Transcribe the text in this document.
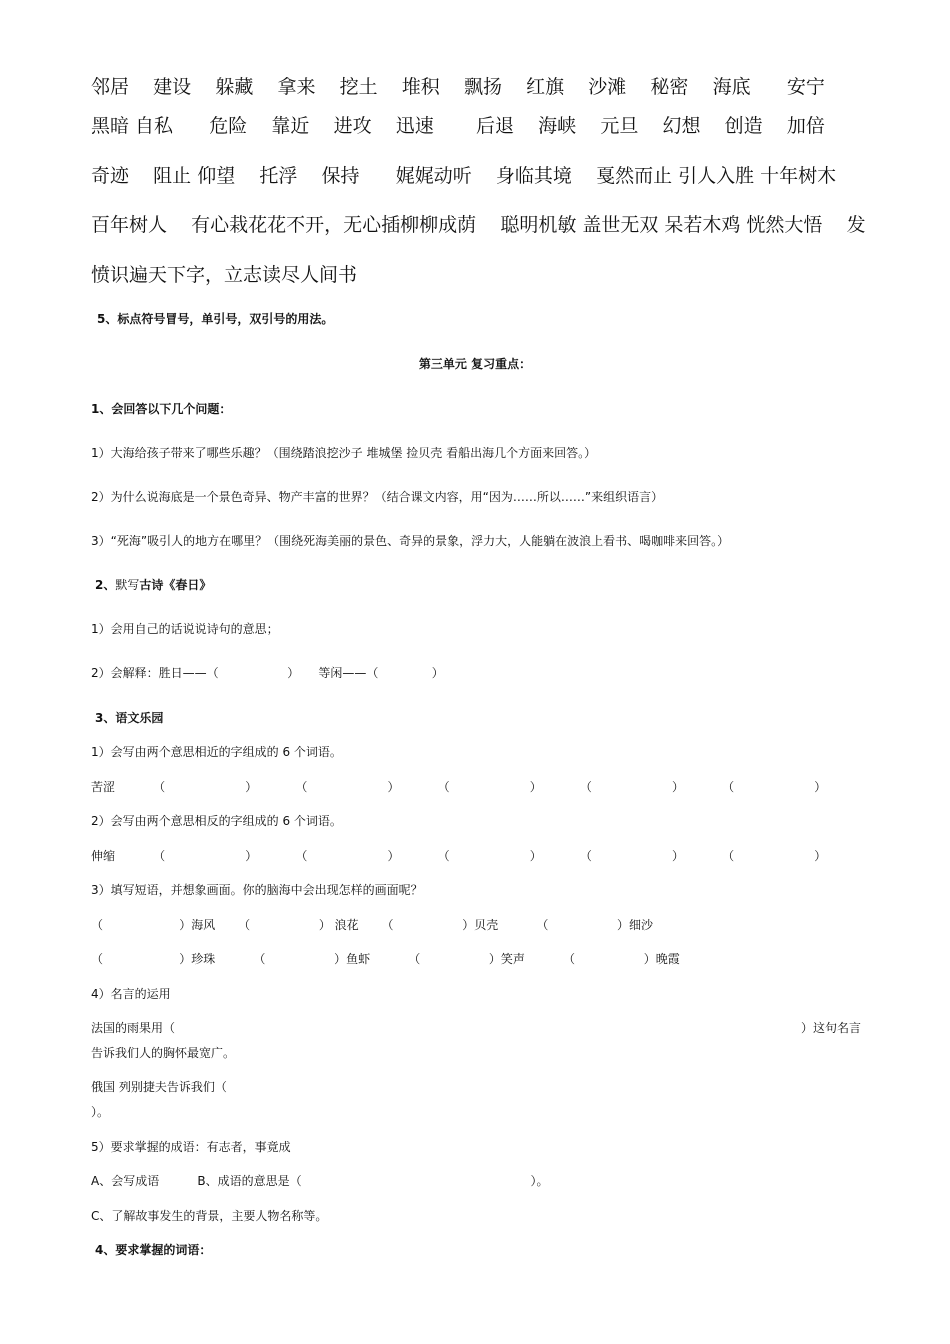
邻居    建设    躲藏    拿来    挖土    堆积    飘扬    红旗    沙滩    秘密    海底      安宁
黑暗 自私      危险    靠近    进攻    迅速       后退    海峡    元旦    幻想    创造    加倍
奇迹    阻止 仰望    托浮    保持      娓娓动听    身临其境    戛然而止 引人入胜 十年树木
百年树人    有心栽花花不开，无心插柳柳成荫    聪明机敏 盖世无双 呆若木鸡 恍然大悟    发
愤识遍天下字，立志读尽人间书
5、标点符号冒号，单引号，双引号的用法。
第三单元 复习重点：
1、会回答以下几个问题：
1）大海给孩子带来了哪些乐趣？（围绕踏浪挖沙子 堆城堡 捡贝壳 看船出海几个方面来回答。）
2）为什么说海底是一个景色奇异、物产丰富的世界？（结合课文内容，用“因为……所以……”来组织语言）
3）“死海”吸引人的地方在哪里？（围绕死海美丽的景色、奇异的景象，浮力大，人能躺在波浪上看书、喝咖啡来回答。）
2、默写古诗《春日》
1）会用自己的话说说诗句的意思；
2）会解释：胜日——（                  ）     等闲——（              ）
3、语文乐园
1）会写由两个意思相近的字组成的 6 个词语。
苦涩          （                     ）          （                     ）          （                     ）          （                     ）          （                     ）
2）会写由两个意思相反的字组成的 6 个词语。
伸缩          （                     ）          （                     ）          （                     ）          （                     ）          （                     ）
3）填写短语，并想象画面。你的脑海中会出现怎样的画面呢？
（                    ）海风      （                  ） 浪花      （                  ）贝壳          （                  ）细沙
（                    ）珍珠          （                  ）鱼虾          （                  ）笑声          （                  ）晚霞
4）名言的运用
法国的雨果用（	）这句名言
告诉我们人的胸怀最宽广。
俄国 列别捷夫告诉我们（
）。
5）要求掌握的成语：有志者，事竟成
A、会写成语          B、成语的意思是（                                                            ）。
C、了解故事发生的背景，主要人物名称等。
4、要求掌握的词语：
